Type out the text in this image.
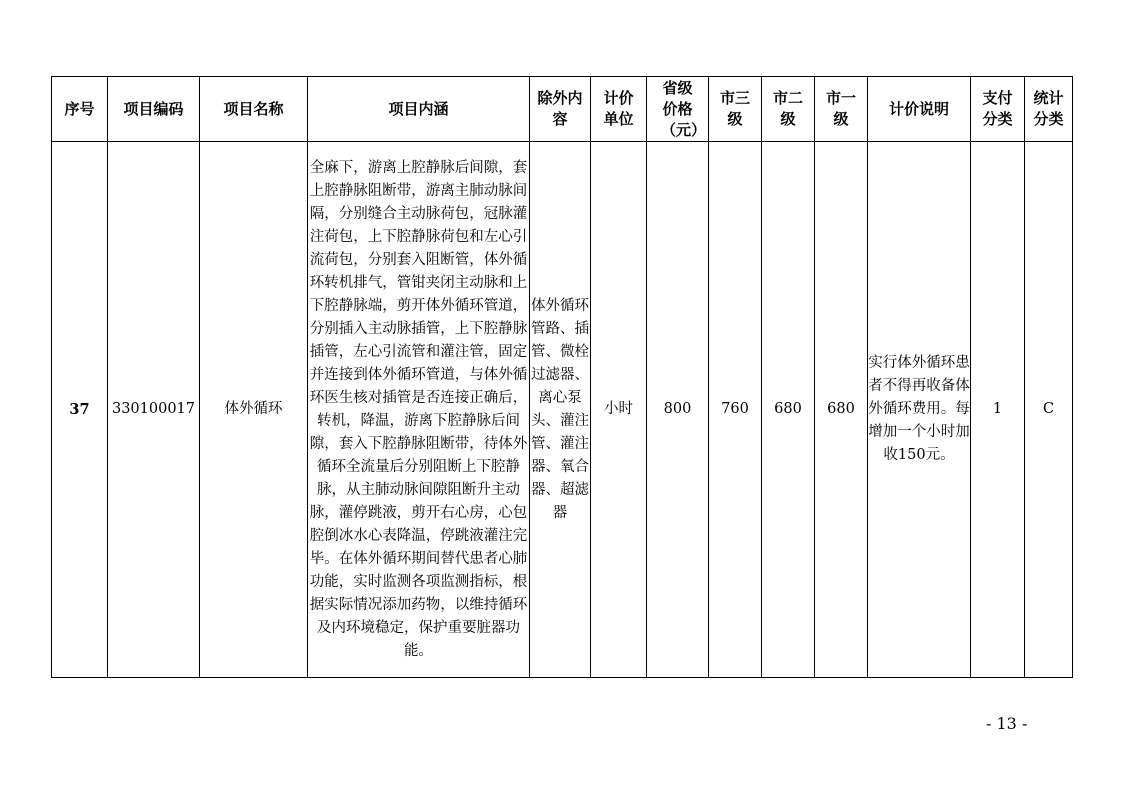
序号	项目编码	项目名称	项目内涵	除外内容	计价单位	省级价格（元）	市三级	市二级	市一级	计价说明	支付分类	统计分类
37	330100017	体外循环	全麻下，游离上腔静脉后间隙，套上腔静脉阻断带，游离主肺动脉间隔，分别缝合主动脉荷包，冠脉灌注荷包，上下腔静脉荷包和左心引流荷包，分别套入阻断管，体外循环转机排气，管钳夹闭主动脉和上下腔静脉端，剪开体外循环管道，分别插入主动脉插管，上下腔静脉插管，左心引流管和灌注管，固定并连接到体外循环管道，与体外循环医生核对插管是否连接正确后，转机，降温，游离下腔静脉后间隙，套入下腔静脉阻断带，待体外循环全流量后分别阻断上下腔静脉，从主肺动脉间隙阻断升主动脉，灌停跳液，剪开右心房，心包腔倒冰水心表降温，停跳液灌注完毕。在体外循环期间替代患者心肺功能，实时监测各项监测指标，根据实际情况添加药物，以维持循环及内环境稳定，保护重要脏器功能。	体外循环管路、插管、微栓过滤器、离心泵头、灌注管、灌注器、氧合器、超滤器	小时	800	760	680	680	实行体外循环患者不得再收备体外循环费用。每增加一个小时加收150元。	1	C
- 13 -
